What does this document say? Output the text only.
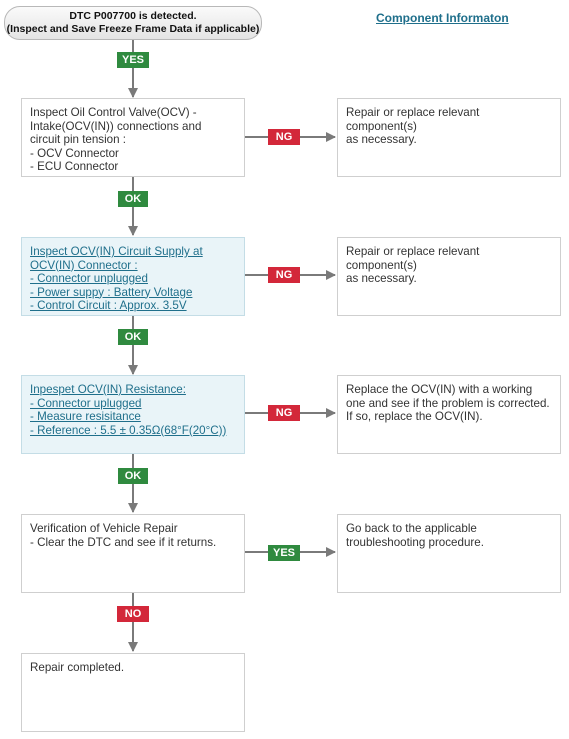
DTC P007700 is detected.
(Inspect and Save Freeze Frame Data if applicable)
Component Informaton
YES
Inspect Oil Control Valve(OCV) -
Intake(OCV(IN)) connections and
circuit pin tension :
- OCV Connector
- ECU Connector
NG
Repair or replace relevant component(s)
as necessary.
OK
Inspect OCV(IN) Circuit Supply at
OCV(IN) Connector :
- Connector unplugged
- Power suppy : Battery Voltage
- Control Circuit : Approx. 3.5V
NG
Repair or replace relevant component(s)
as necessary.
OK
Inpespet OCV(IN) Resistance:
- Connector uplugged
- Measure resisitance
- Reference : 5.5 ± 0.35Ω(68°F(20°C))
NG
Replace the OCV(IN) with a working
one and see if the problem is corrected.
If so, replace the OCV(IN).
OK
Verification of Vehicle Repair
- Clear the DTC and see if it returns.
YES
Go back to the applicable
troubleshooting procedure.
NO
Repair completed.
